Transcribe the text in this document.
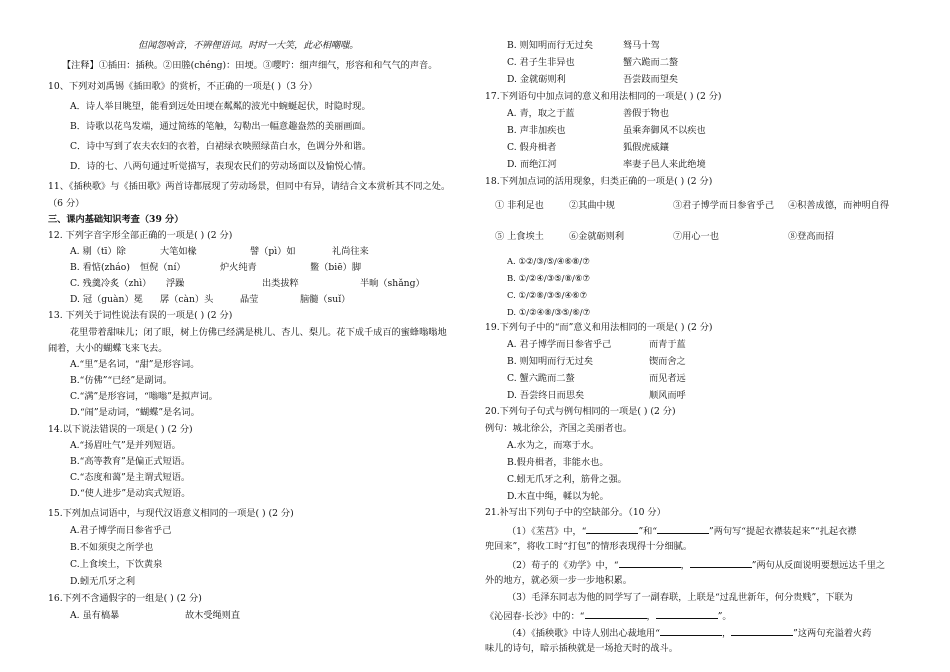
但闻怨响音，不辨俚语词。时时一大笑，此必相嘲嗤。
【注释】①插田：插秧。②田塍(chéng)：田埂。③嘤咛：细声细气，形容和和气气的声音。
10、下列对刘禹锡《插田歌》的赏析，不正确的一项是( )（3 分）
A．诗人举目眺望，能看到远处田埂在粼粼的波光中蜿蜒起伏，时隐时现。
B．诗歌以花鸟发端，通过简练的笔触，勾勒出一幅意趣盎然的美丽画面。
C．诗中写到了农夫农妇的衣着，白裙绿衣映照绿苗白水，色调分外和谐。
D．诗的七、八两句通过听觉描写，表现农民们的劳动场面以及愉悦心情。
11、《插秧歌》与《插田歌》两首诗都展现了劳动场景，但同中有异，请结合文本赏析其不同之处。
（6 分）
三、课内基础知识考查（39 分）
12. 下列字音字形全部正确的一项是( ) (2 分)
A. 剔（tī）除	大笔如椽	譬（pì）如	礼尚往来
B. 看惦(zháo) 恒倪（ní）	炉火纯青	鳖（biē）脚
C. 残羹冷炙（zhì） 浮躁	出类拔粹	半晌（shǎng）
D. 冠（guàn）冕 孱（càn）头	晶莹	脑髓（suǐ）
13. 下列关于词性说法有误的一项是( ) (2 分)
花里带着甜味儿；闭了眼，树上仿佛已经满是桃儿、杏儿、梨儿。花下成千成百的蜜蜂嗡嗡地
闹着，大小的蝴蝶飞来飞去。
A.“里”是名词，“甜”是形容词。
B.“仿佛”“已经”是副词。
C.“满”是形容词，“嗡嗡”是拟声词。
D.“闹”是动词，“蝴蝶”是名词。
14.以下说法错误的一项是( ) (2 分)
A.“扬眉吐气”是并列短语。
B.“高等教育”是偏正式短语。
C.“态度和蔼”是主谓式短语。
D.“使人进步”是动宾式短语。
15.下列加点词语中，与现代汉语意义相同的一项是( ) (2 分)
A.君子博学而日参省乎己
B.不如须臾之所学也
C.上食埃土，下饮黄泉
D.蚓无爪牙之利
16.下列不含通假字的一组是( ) (2 分)
A. 虽有槁暴	故木受绳则直
B. 则知明而行无过矣	驽马十驾
C. 君子生非异也	蟹六跪而二螯
D. 金就砺则利	吾尝跂而望矣
17.下列语句中加点词的意义和用法相同的一项是( ) (2 分)
A. 青，取之于蓝	善假于物也
B. 声非加疾也	虽乘奔御风不以疾也
C. 假舟楫者	狐假虎威鑲
D. 而绝江河	率妻子邑人来此绝境
18.下列加点词的活用现象，归类正确的一项是( ) (2 分)
① 非利足也	②其曲中规	③君子博学而日参省乎己 ④积善成德，而神明自得
⑤ 上食埃土	⑥金就砺则利	⑦用心一也	⑧登高而招
A. ①②/③/⑤/④⑥⑧/⑦
B. ①/②④/③⑤/⑧/⑥⑦
C. ①/②⑧/③⑤/④⑥⑦
D. ①/②④⑧/③⑤/⑥/⑦
19.下列句子中的“而”意义和用法相同的一项是( ) (2 分)
A. 君子博学而日参省乎己	而青于蓝
B. 则知明而行无过矣	锲而舍之
C. 蟹六跪而二螯	而见者远
D. 吾尝终日而思矣	顺风而呼
20.下列句子句式与例句相同的一项是( ) (2 分)
例句：城北徐公，齐国之美丽者也。
A.水为之，而寒于水。
B.假舟楫者，非能水也。
C.蚓无爪牙之利，筋骨之强。
D.木直中绳，輮以为轮。
21.补写出下列句子中的空缺部分。（10 分）
（1）《苤莒》中，“	”和“	”两句写“提起衣襟装起来”“扎起衣襟
兜回来”，将收工时“打包”的情形表现得十分细腻。
（2）荀子的《劝学》中，“	，	”两句从反面说明要想远达千里之
外的地方，就必须一步一步地积累。
（3）毛泽东同志为他的同学写了一副春联，上联是“过乱世新年，何分贵贱”，下联为
《沁园春·长沙》中的：“	，	”。
（4）《插秧歌》中诗人别出心裁地用“	，	”这两句充溢着火药
味儿的诗句，暗示插秧就是一场抢天时的战斗。
